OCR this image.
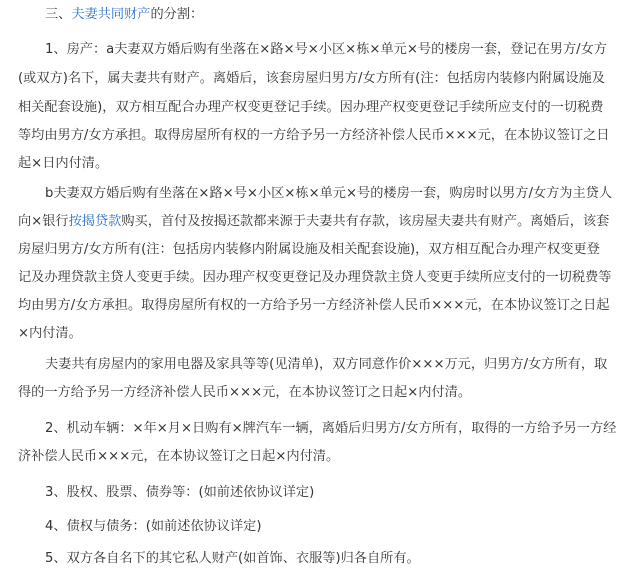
三、夫妻共同财产的分割：
1、房产：a夫妻双方婚后购有坐落在×路×号×小区×栋×单元×号的楼房一套，登记在男方/女方
(或双方)名下，属夫妻共有财产。离婚后，该套房屋归男方/女方所有(注：包括房内装修内附属设施及
相关配套设施)，双方相互配合办理产权变更登记手续。因办理产权变更登记手续所应支付的一切税费
等均由男方/女方承担。取得房屋所有权的一方给予另一方经济补偿人民币×××元，在本协议签订之日
起×日内付清。
b夫妻双方婚后购有坐落在×路×号×小区×栋×单元×号的楼房一套，购房时以男方/女方为主贷人
向×银行按揭贷款购买，首付及按揭还款都来源于夫妻共有存款，该房屋夫妻共有财产。离婚后，该套
房屋归男方/女方所有(注：包括房内装修内附属设施及相关配套设施)，双方相互配合办理产权变更登
记及办理贷款主贷人变更手续。因办理产权变更登记及办理贷款主贷人变更手续所应支付的一切税费等
均由男方/女方承担。取得房屋所有权的一方给予另一方经济补偿人民币×××元，在本协议签订之日起
×内付清。
夫妻共有房屋内的家用电器及家具等等(见清单)，双方同意作价×××万元，归男方/女方所有，取
得的一方给予另一方经济补偿人民币×××元，在本协议签订之日起×内付清。
2、机动车辆：×年×月×日购有×牌汽车一辆，离婚后归男方/女方所有，取得的一方给予另一方经
济补偿人民币×××元，在本协议签订之日起×内付清。
3、股权、股票、债券等：(如前述依协议详定)
4、债权与债务：(如前述依协议详定)
5、双方各自名下的其它私人财产(如首饰、衣服等)归各自所有。
